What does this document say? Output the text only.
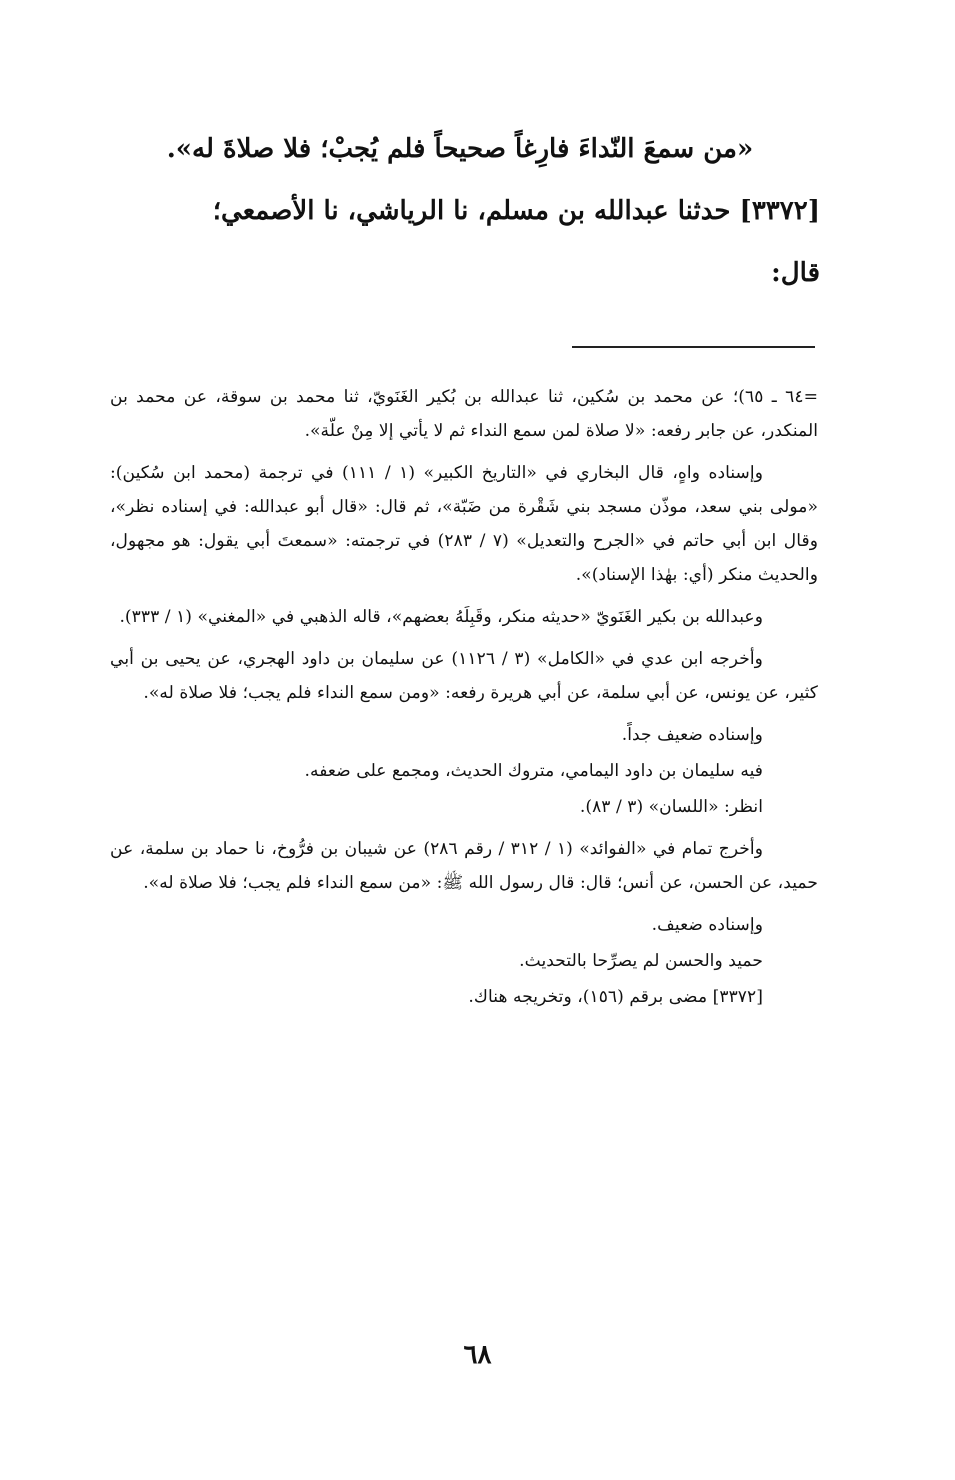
«من سمعَ النّداءَ فارِغاً صحيحاً فلم يُجبْ؛ فلا صلاةَ له».

[٣٣٧٢] حدثنا عبدالله بن مسلم، نا الرياشي، نا الأصمعي؛

قال:

=٦٤ ـ ٦٥)؛ عن محمد بن سُكين، ثنا عبدالله بن بُكير الغَنَويّ، ثنا محمد بن سوقة، عن محمد بن المنكدر، عن جابر رفعه: «لا صلاة لمن سمع النداء ثم لا يأتي إلا مِنْ علّة».

وإسناده واهٍ، قال البخاري في «التاريخ الكبير» (١ / ١١١) في ترجمة (محمد ابن سُكين): «مولى بني سعد، موذّن مسجد بني شَقْرة من ضَبّة»، ثم قال: «قال أبو عبدالله: في إسناده نظر»، وقال ابن أبي حاتم في «الجرح والتعديل» (٧ / ٢٨٣) في ترجمته: «سمعتَ أبي يقول: هو مجهول، والحديث منكر (أي: بهٰذا الإسناد)».

وعبدالله بن بكير الغَنَويّ «حديثه منكر، وقَبِلَهُ بعضهم»، قاله الذهبي في «المغني» (١ / ٣٣٣).

وأخرجه ابن عدي في «الكامل» (٣ / ١١٢٦) عن سليمان بن داود الهجري، عن يحيى بن أبي كثير، عن يونس، عن أبي سلمة، عن أبي هريرة رفعه: «ومن سمع النداء فلم يجب؛ فلا صلاة له».

وإسناده ضعيف جداً.

فيه سليمان بن داود اليمامي، متروك الحديث، ومجمع على ضعفه.

انظر: «اللسان» (٣ / ٨٣).

وأخرج تمام في «الفوائد» (١ / ٣١٢ / رقم ٢٨٦) عن شيبان بن فرُّوخ، نا حماد بن سلمة، عن حميد، عن الحسن، عن أنس؛ قال: قال رسول الله ﷺ: «من سمع النداء فلم يجب؛ فلا صلاة له».

وإسناده ضعيف.

حميد والحسن لم يصرِّحا بالتحديث.

[٣٣٧٢] مضى برقم (١٥٦)، وتخريجه هناك.

٦٨
